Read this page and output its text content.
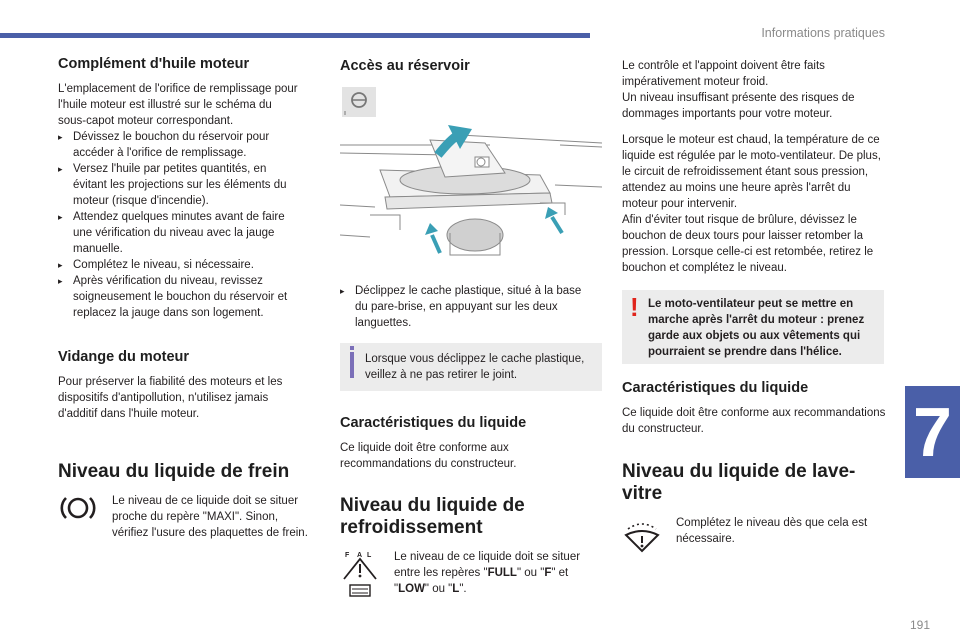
Informations pratiques
Complément d'huile moteur

L'emplacement de l'orifice de remplissage pour l'huile moteur est illustré sur le schéma du sous-capot moteur correspondant.

▸ Dévissez le bouchon du réservoir pour accéder à l'orifice de remplissage.
▸ Versez l'huile par petites quantités, en évitant les projections sur les éléments du moteur (risque d'incendie).
▸ Attendez quelques minutes avant de faire une vérification du niveau avec la jauge manuelle.
▸ Complétez le niveau, si nécessaire.
▸ Après vérification du niveau, revissez soigneusement le bouchon du réservoir et replacez la jauge dans son logement.
Vidange du moteur

Pour préserver la fiabilité des moteurs et les dispositifs d'antipollution, n'utilisez jamais d'additif dans l'huile moteur.

Niveau du liquide de frein

Le niveau de ce liquide doit se situer proche du repère "MAXI". Sinon, vérifiez l'usure des plaquettes de frein.

Accès au réservoir
▸ Déclippez le cache plastique, situé à la base du pare-brise, en appuyant sur les deux languettes.

Lorsque vous déclippez le cache plastique, veillez à ne pas retirer le joint.

Caractéristiques du liquide

Ce liquide doit être conforme aux recommandations du constructeur.

Niveau du liquide de refroidissement
F A L Le niveau de ce liquide doit se situer entre les repères "FULL" ou "F" et "LOW" ou "L".

Le contrôle et l'appoint doivent être faits impérativement moteur froid.

Un niveau insuffisant présente des risques de dommages importants pour votre moteur.

Lorsque le moteur est chaud, la température de ce liquide est régulée par le moto-ventilateur. De plus, le circuit de refroidissement étant sous pression, attendez au moins une heure après l'arrêt du moteur pour intervenir.

Afin d'éviter tout risque de brûlure, dévissez le bouchon de deux tours pour laisser retomber la pression. Lorsque celle-ci est retombée, retirez le bouchon et complétez le niveau.

! Le moto-ventilateur peut se mettre en marche après l'arrêt du moteur : prenez garde aux objets ou aux vêtements qui pourraient se prendre dans l'hélice.

Caractéristiques du liquide

Ce liquide doit être conforme aux recommandations du constructeur.

Niveau du liquide de lave-vitre

Complétez le niveau dès que cela est nécessaire.

7
191
